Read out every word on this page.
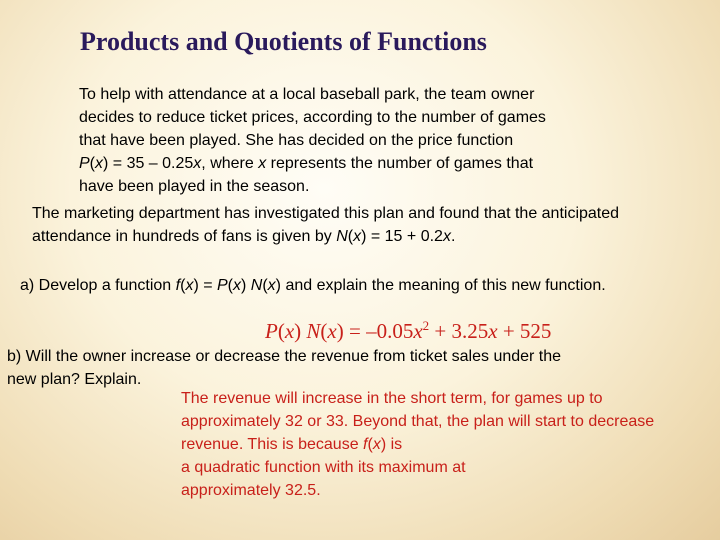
Products and Quotients of Functions
To help with attendance at a local baseball park, the team owner
decides to reduce ticket prices, according to the number of games
that have been played. She has decided on the price function
P(x) = 35 – 0.25x, where x represents the number of games that
have been played in the season.
The marketing department has investigated this plan and found that the anticipated
attendance in hundreds of fans is given by N(x) = 15 + 0.2x.
a) Develop a function f(x) = P(x) N(x) and explain the meaning of this new function.
P(x) $N(x) = -0.05x^2 + 3.25x + 525$
b) Will the owner increase or decrease the revenue from ticket sales under the
new plan? Explain.
The revenue will increase in the short term, for games up to
approximately 32 or 33. Beyond that, the plan will start to decrease
revenue. This is because f(x) is
a quadratic function with its maximum at
approximately 32.5.
